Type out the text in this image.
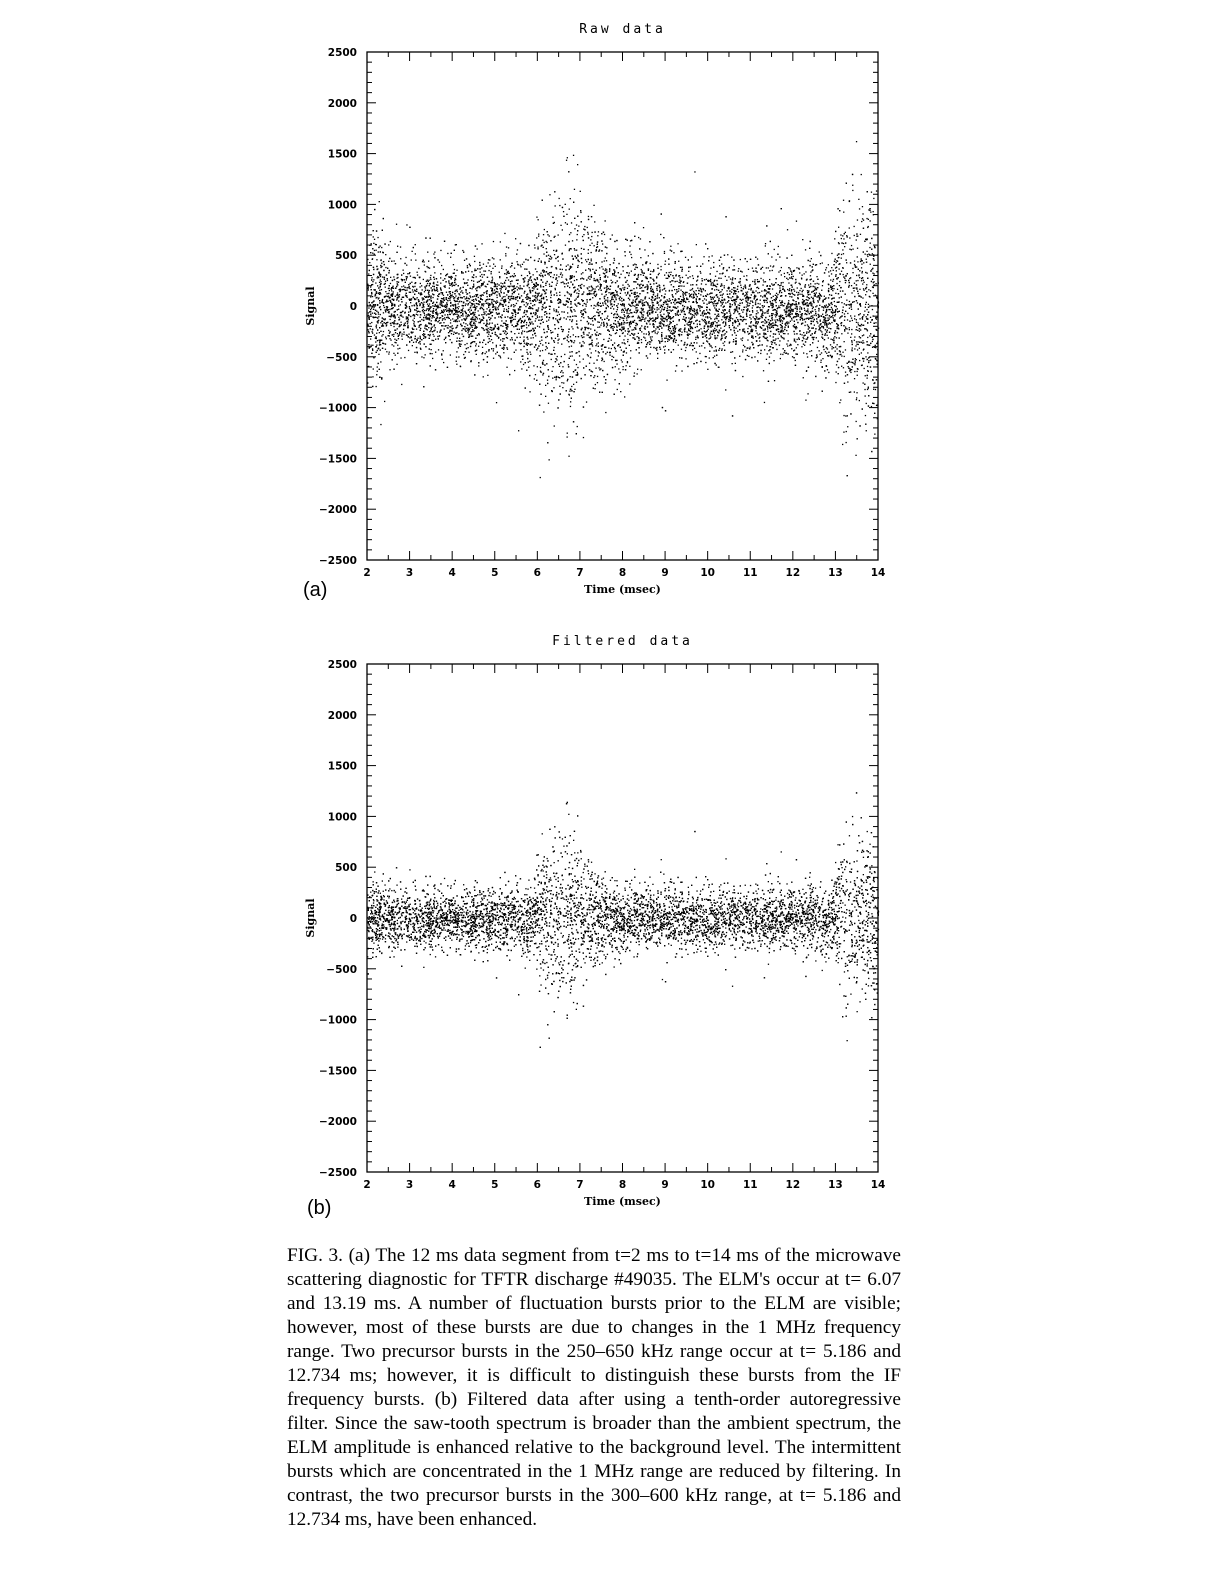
Raw data
2	3	4	5	6	7	8	9	10	11	12	13	14
2500
2000
1500
1000
500
0
−500
−1000
−1500
−2000
−2500
Time (msec)
Signal
(a)
Filtered data
2	3	4	5	6	7	8	9	10	11	12	13	14
2500
2000
1500
1000
500
0
−500
−1000
−1500
−2000
−2500
Time (msec)
Signal
(b)
FIG. 3. (a) The 12 ms data segment from t=2 ms to t=14 ms of the microwave scattering diagnostic for TFTR discharge #49035. The ELM's occur at t= 6.07 and 13.19 ms. A number of fluctuation bursts prior to the ELM are visible; however, most of these bursts are due to changes in the 1 MHz frequency range. Two precursor bursts in the 250–650 kHz range occur at t= 5.186 and 12.734 ms; however, it is difficult to distinguish these bursts from the IF frequency bursts. (b) Filtered data after using a tenth-order autoregressive filter. Since the saw-tooth spectrum is broader than the ambient spectrum, the ELM amplitude is enhanced relative to the background level. The intermittent bursts which are concentrated in the 1 MHz range are reduced by filtering. In contrast, the two precursor bursts in the 300–600 kHz range, at t= 5.186 and 12.734 ms, have been enhanced.
